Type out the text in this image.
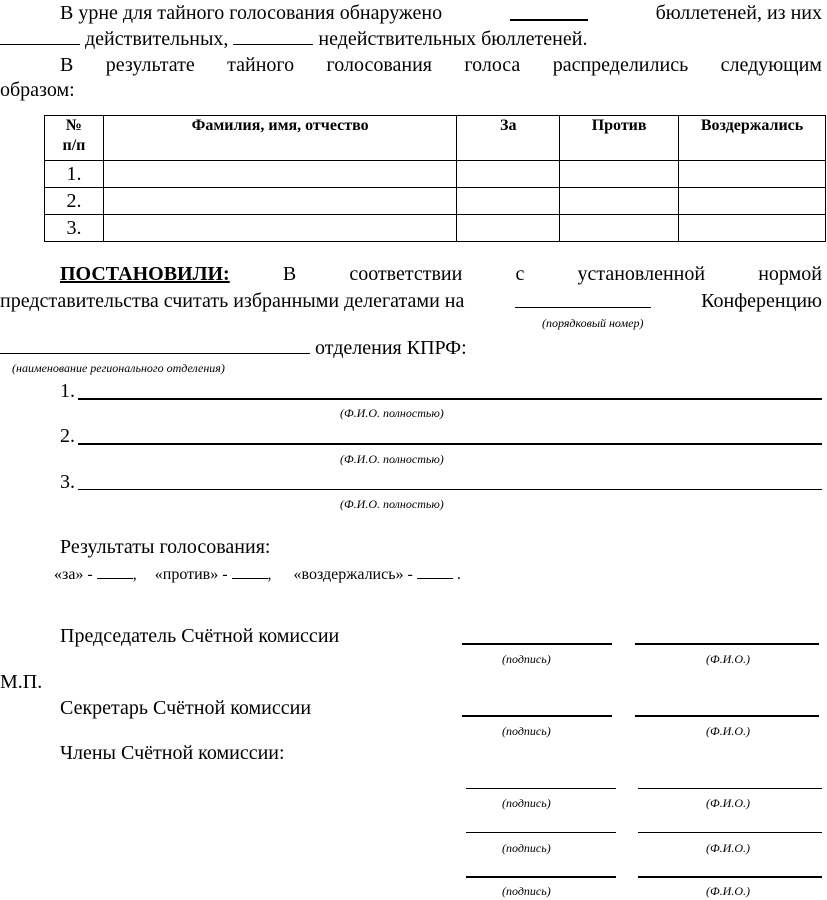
В урне для тайного голосования обнаружено	бюллетеней, из них
действительных,	недействительных бюллетеней.
В результате тайного голосования голоса распределились следующим
образом:
№
п/п	Фамилия, имя, отчество	За	Против	Воздержались
1.				
2.				
3.				
ПОСТАНОВИЛИ:	В	соответствии	с	установленной	нормой
представительства считать избранными делегатами на	Конференцию
(порядковый номер)
отделения КПРФ:
(наименование регионального отделения)
1.
(Ф.И.О. полностью)
2.
(Ф.И.О. полностью)
3.
(Ф.И.О. полностью)
Результаты голосования:
«за» -	, «против» -	, «воздержались» -	.
Председатель Счётной комиссии
(подпись)	(Ф.И.О.)
М.П.
Секретарь Счётной комиссии
(подпись)	(Ф.И.О.)
Члены Счётной комиссии:
(подпись)	(Ф.И.О.)
(подпись)	(Ф.И.О.)
(подпись)	(Ф.И.О.)
